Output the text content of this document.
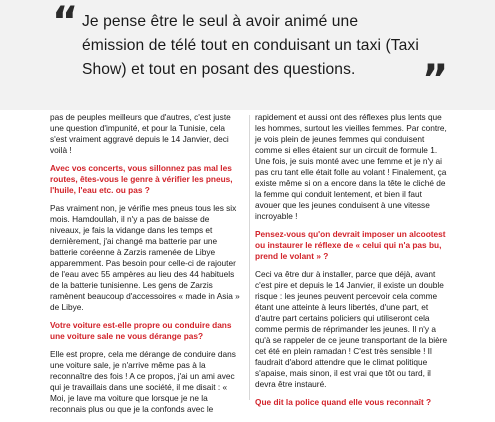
“ Je pense être le seul à avoir animé une émission de télé tout en conduisant un taxi (Taxi Show) et tout en posant des questions.	”

pas de peuples meilleurs que d'autres, c'est juste une question d'impunité, et pour la Tunisie, cela s'est vraiment aggravé depuis le 14 Janvier, deci voilà !

Avec vos concerts, vous sillonnez pas mal les routes, êtes-vous le genre à vérifier les pneus, l'huile, l'eau etc. ou pas ?

Pas vraiment non, je vérifie mes pneus tous les six mois. Hamdoullah, il n'y a pas de baisse de niveaux, je fais la vidange dans les temps et dernièrement, j'ai changé ma batterie par une batterie coréenne à Zarzis ramenée de Libye apparemment. Pas besoin pour celle-ci de rajouter de l'eau avec 55 ampères au lieu des 44 habituels de la batterie tunisienne. Les gens de Zarzis ramènent beaucoup d'accessoires « made in Asia » de Libye.

Votre voiture est-elle propre ou conduire dans une voiture sale ne vous dérange pas?

Elle est propre, cela me dérange de conduire dans une voiture sale, je n'arrive même pas à la reconnaître des fois ! A ce propos, j'ai un ami avec qui je travaillais dans une société, il me disait : « Moi, je lave ma voiture que lorsque je ne la reconnais plus ou que je la confonds avec le

rapidement et aussi ont des réflexes plus lents que les hommes, surtout les vieilles femmes. Par contre, je vois plein de jeunes femmes qui conduisent comme si elles étaient sur un circuit de formule 1. Une fois, je suis monté avec une femme et je n'y ai pas cru tant elle était folle au volant ! Finalement, ça existe même si on a encore dans la tête le cliché de la femme qui conduit lentement, et bien il faut avouer que les jeunes conduisent à une vitesse incroyable !

Pensez-vous qu'on devrait imposer un alcootest ou instaurer le réflexe de « celui qui n'a pas bu, prend le volant » ?

Ceci va être dur à installer, parce que déjà, avant c'est pire et depuis le 14 Janvier, il existe un double risque : les jeunes peuvent percevoir cela comme étant une atteinte à leurs libertés, d'une part, et d'autre part certains policiers qui utiliseront cela comme permis de réprimander les jeunes. Il n'y a qu'à se rappeler de ce jeune transportant de la bière cet été en plein ramadan ! C'est très sensible ! Il faudrait d'abord attendre que le climat politique s'apaise, mais sinon, il est vrai que tôt ou tard, il devra être instauré.

Que dit la police quand elle vous reconnaît ?
